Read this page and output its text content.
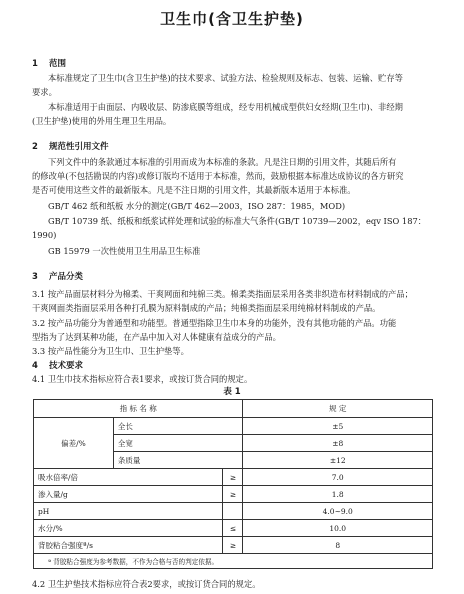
卫生巾(含卫生护垫)
1 范围
本标准规定了卫生巾(含卫生护垫)的技术要求、试验方法、检验规则及标志、包装、运输、贮存等
要求。
本标准适用于由面层、内吸收层、防渗底膜等组成，经专用机械成型供妇女经期(卫生巾)、非经期
(卫生护垫)使用的外用生理卫生用品。
2 规范性引用文件
下列文件中的条款通过本标准的引用而成为本标准的条款。凡是注日期的引用文件，其随后所有
的修改单(不包括勘误的内容)或修订版均不适用于本标准，然而，鼓励根据本标准达成协议的各方研究
是否可使用这些文件的最新版本。凡是不注日期的引用文件，其最新版本适用于本标准。
GB/T 462 纸和纸板 水分的测定(GB/T 462—2003，ISO 287：1985，MOD)
GB/T 10739 纸、纸板和纸浆试样处理和试验的标准大气条件(GB/T 10739—2002，eqv ISO 187：
1990)
GB 15979 一次性使用卫生用品卫生标准
3 产品分类
3.1 按产品面层材料分为棉柔、干爽网面和纯棉三类。棉柔类指面层采用各类非织造布材料制成的产品；
干爽网面类指面层采用各种打孔膜为原料制成的产品；纯棉类指面层采用纯棉材料制成的产品。
3.2 按产品功能分为普通型和功能型。普通型指除卫生巾本身的功能外，没有其他功能的产品。功能
型指为了达到某种功能，在产品中加入对人体健康有益成分的产品。
3.3 按产品性能分为卫生巾、卫生护垫等。
4 技术要求
4.1 卫生巾技术指标应符合表1要求，或按订货合同的规定。
表 1
指 标 名 称			规 定
偏差/%	全长		±5
	全宽		±8
	条质量		±12
吸水倍率/倍		≥	7.0
渗入量/g		≥	1.8
pH			4.0~9.0
水分/%		≤	10.0
背胶粘合强度ª/s		≥	8
ª 背胶粘合强度为参考数据，不作为合格与否的判定依据。			
4.2 卫生护垫技术指标应符合表2要求，或按订货合同的规定。
